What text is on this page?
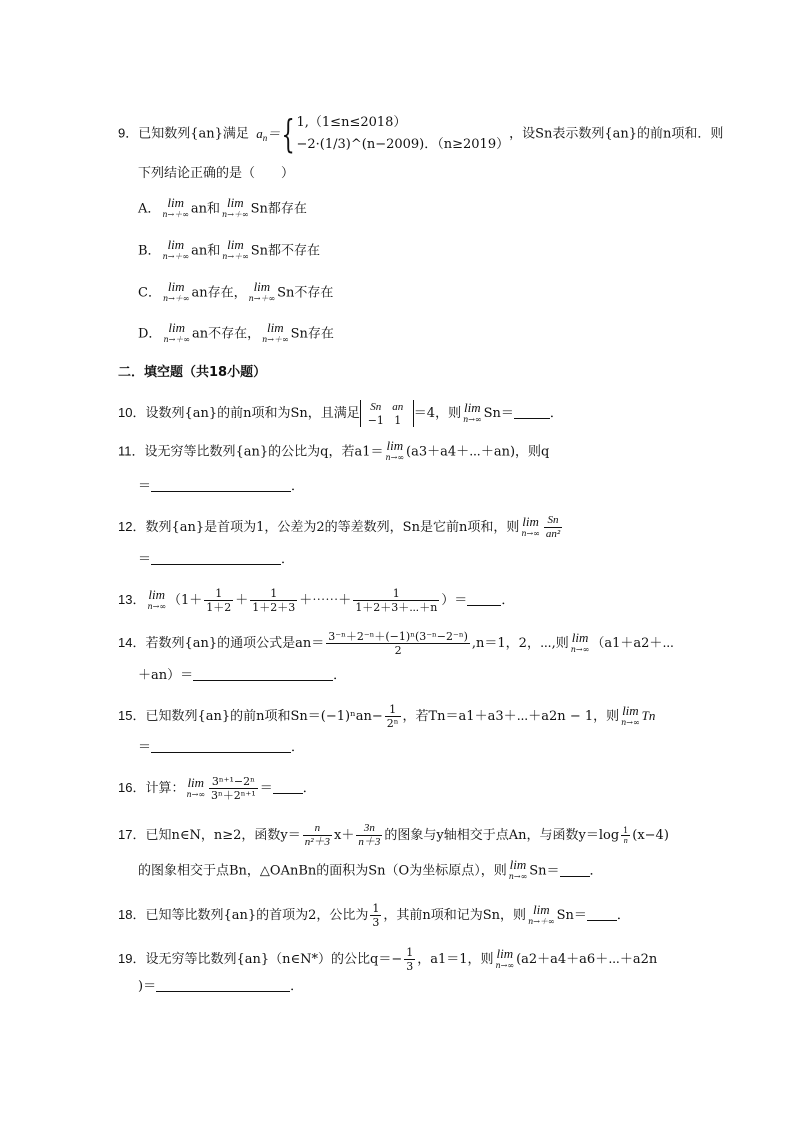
9．已知数列{an}满足  $a_n=${ 1,（1≤n≤2018）
−2·(1/3)^(n−2009)．（n≥2019）
，设Sn表示数列{an}的前n项和．则
下列结论正确的是（　　）
A． lim
n→＋∞ an和 lim
n→＋∞ Sn都存在
B． lim
n→＋∞ an和 lim
n→＋∞ Sn都不存在
C． lim
n→＋∞ an存在， lim
n→＋∞ Sn不存在
D． lim
n→＋∞ an不存在， lim
n→＋∞ Sn存在
二．填空题（共18小题）
10．设数列{an}的前n项和为Sn，且满足 Sn an
−1 1 ＝4，则 lim
n→∞ Sn＝	．
11．设无穷等比数列{an}的公比为q，若a1＝ lim
n→∞ (a3＋a4＋⋯＋an)，则q
＝	．
12．数列{an}是首项为1，公差为2的等差数列，Sn是它前n项和，则 lim
$n\to\infty \frac{Sn}{\text{an²}}$
＝	．
13． lim
n→∞ （$1+ \frac{1}{1+2} + \frac{1}{1+2+3}$ ＋⋯⋯＋ $\frac{1}{1+2+3+\cdots+n}$ ）＝	．
14．若数列{an}的通项公式是$an= \frac{\text{3⁻ⁿ＋2⁻ⁿ＋(−1)ⁿ(3⁻ⁿ−2⁻ⁿ)}}{2} ,n=1$，2，⋯,则 lim
n→∞ （a1＋a2＋⋯
＋an）＝	．
15．已知数列{an}的前n项和$Sn=(-1)^nan- \frac{1}{\text{2ⁿ}}$ ，若Tn＝a1＋a3＋⋯＋a2n − 1，则 lim
n→∞ Tn
＝	．
16．计算： lim
$n\to\infty \frac{\text{3ⁿ⁺¹−2ⁿ}}{\text{3ⁿ＋2ⁿ⁺¹}}$ ＝ ．
17．已知n∈N，n≥2，函数$y= \frac{n}{\text{n²＋3}} x+ \frac{3n}{n+3}$ 的图象与y轴相交于点An，与函数$y=\log \frac{1}{n} (x-4)$
的图象相交于点Bn，△OAnBn的面积为Sn（O为坐标原点），则 lim
n→∞ Sn＝ ．
18．已知等比数列{an}的首项为2，公比为 $\frac{1}{3}$ ，其前n项和记为Sn，则 lim
n→＋∞ Sn＝ ．
19．设无穷等比数列{an}（n∈N*）的公比$q=- \frac{1}{3}$ ，a1＝1，则 lim
n→∞ (a2＋a4＋a6＋⋯＋a2n
)＝	．
